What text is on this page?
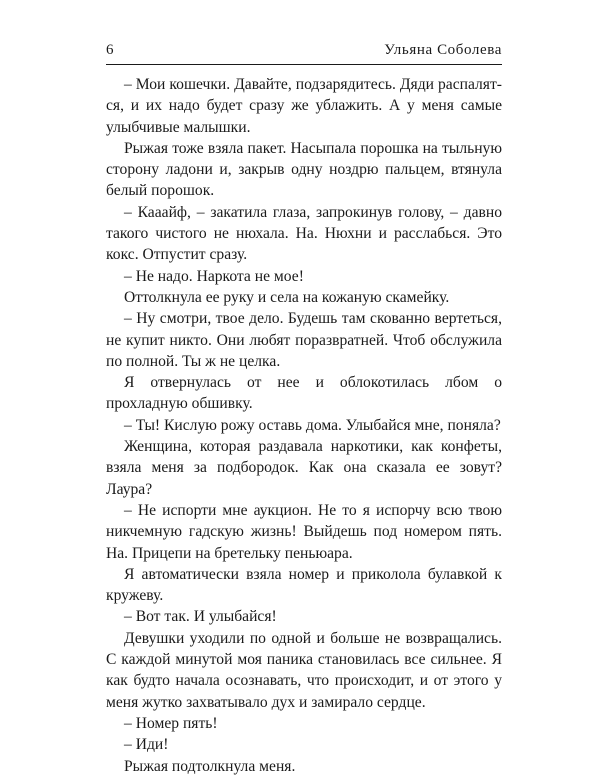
6	Ульяна Соболева

– Мои кошечки. Давайте, подзарядитесь. Дяди распалятся, и их надо будет сразу же ублажить. А у меня самые улыбчивые малышки.

Рыжая тоже взяла пакет. Насыпала порошка на тыльную сторону ладони и, закрыв одну ноздрю пальцем, втянула белый порошок.

– Кааайф, – закатила глаза, запрокинув голову, – давно такого чистого не нюхала. На. Нюхни и расслабься. Это кокс. Отпустит сразу.

– Не надо. Наркота не мое!

Оттолкнула ее руку и села на кожаную скамейку.

– Ну смотри, твое дело. Будешь там скованно вертеться, не купит никто. Они любят поразвратней. Чтоб обслужила по полной. Ты ж не целка.

Я отвернулась от нее и облокотилась лбом о прохладную обшивку.

– Ты! Кислую рожу оставь дома. Улыбайся мне, поняла?

Женщина, которая раздавала наркотики, как конфеты, взяла меня за подбородок. Как она сказала ее зовут? Лаура?

– Не испорти мне аукцион. Не то я испорчу всю твою никчемную гадскую жизнь! Выйдешь под номером пять. На. Прицепи на бретельку пеньюара.

Я автоматически взяла номер и приколола булавкой к кружеву.

– Вот так. И улыбайся!

Девушки уходили по одной и больше не возвращались. С каждой минутой моя паника становилась все сильнее. Я как будто начала осознавать, что происходит, и от этого у меня жутко захватывало дух и замирало сердце.

– Номер пять!

– Иди!

Рыжая подтолкнула меня.
